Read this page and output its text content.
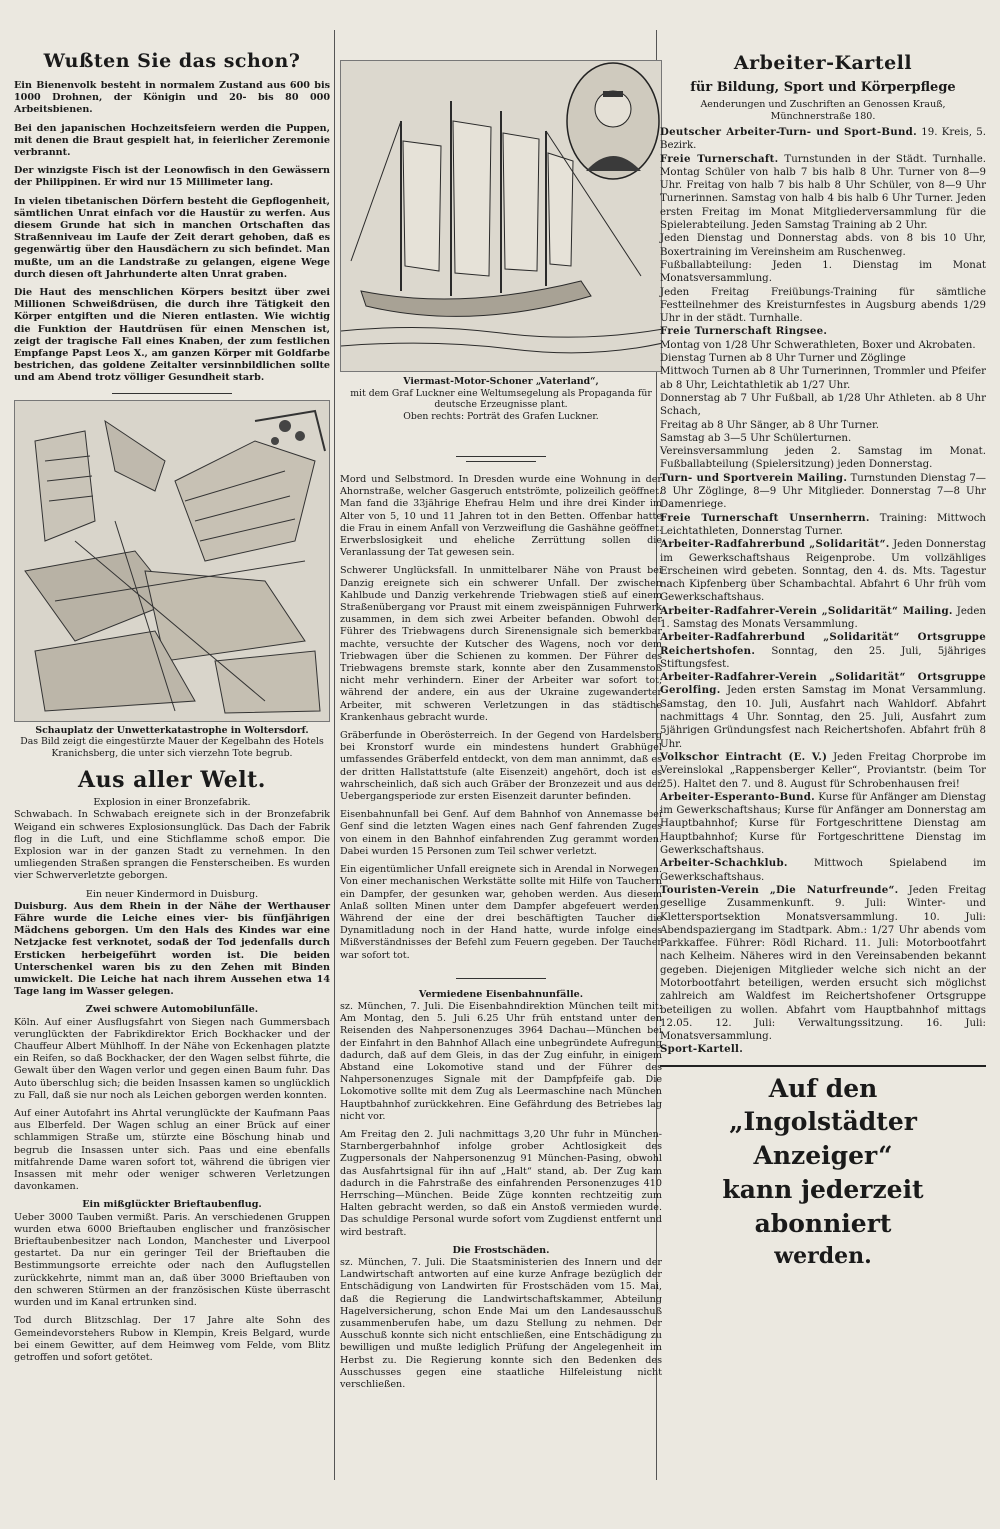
Wußten Sie das schon?

Ein Bienenvolk besteht in normalem Zustand aus 600 bis 1000 Drohnen, der Königin und 20- bis 80 000 Arbeitsbienen.

Bei den japanischen Hochzeitsfeiern werden die Puppen, mit denen die Braut gespielt hat, in feierlicher Zeremonie verbrannt.

Der winzigste Fisch ist der Leonowfisch in den Gewässern der Philippinen. Er wird nur 15 Millimeter lang.

In vielen tibetanischen Dörfern besteht die Gepflogenheit, sämtlichen Unrat einfach vor die Haustür zu werfen. Aus diesem Grunde hat sich in manchen Ortschaften das Straßenniveau im Laufe der Zeit derart gehoben, daß es gegenwärtig über den Hausdächern zu sich befindet. Man mußte, um an die Landstraße zu gelangen, eigene Wege durch diesen oft Jahrhunderte alten Unrat graben.

Die Haut des menschlichen Körpers besitzt über zwei Millionen Schweißdrüsen, die durch ihre Tätigkeit den Körper entgiften und die Nieren entlasten. Wie wichtig die Funktion der Hautdrüsen für einen Menschen ist, zeigt der tragische Fall eines Knaben, der zum festlichen Empfange Papst Leos X., am ganzen Körper mit Goldfarbe bestrichen, das goldene Zeitalter versinnbildlichen sollte und am Abend trotz völliger Gesundheit starb.

Schauplatz der Unwetterkatastrophe in Woltersdorf.

Das Bild zeigt die eingestürzte Mauer der Kegelbahn des Hotels Kranichsberg, die unter sich vierzehn Tote begrub.

Aus aller Welt.

Explosion in einer Bronzefabrik.

Schwabach. In Schwabach ereignete sich in der Bronzefabrik Weigand ein schweres Explosionsunglück. Das Dach der Fabrik flog in die Luft, und eine Stichflamme schoß empor. Die Explosion war in der ganzen Stadt zu vernehmen. In den umliegenden Straßen sprangen die Fensterscheiben. Es wurden vier Schwerverletzte geborgen.

Ein neuer Kindermord in Duisburg.

Duisburg. Aus dem Rhein in der Nähe der Werthauser Fähre wurde die Leiche eines vier- bis fünfjährigen Mädchens geborgen. Um den Hals des Kindes war eine Netzjacke fest verknotet, sodaß der Tod jedenfalls durch Ersticken herbeigeführt worden ist. Die beiden Unterschenkel waren bis zu den Zehen mit Binden umwickelt. Die Leiche hat nach ihrem Aussehen etwa 14 Tage lang im Wasser gelegen.

Zwei schwere Automobilunfälle.

Köln. Auf einer Ausflugsfahrt von Siegen nach Gummersbach verunglückten der Fabrikdirektor Erich Bockhacker und der Chauffeur Albert Mühlhoff. In der Nähe von Eckenhagen platzte ein Reifen, so daß Bockhacker, der den Wagen selbst führte, die Gewalt über den Wagen verlor und gegen einen Baum fuhr. Das Auto überschlug sich; die beiden Insassen kamen so unglücklich zu Fall, daß sie nur noch als Leichen geborgen werden konnten.

Auf einer Autofahrt ins Ahrtal verunglückte der Kaufmann Paas aus Elberfeld. Der Wagen schlug an einer Brück auf einer schlammigen Straße um, stürzte eine Böschung hinab und begrub die Insassen unter sich. Paas und eine ebenfalls mitfahrende Dame waren sofort tot, während die übrigen vier Insassen mit mehr oder weniger schweren Verletzungen davonkamen.

Ein mißglückter Brieftaubenflug.

Ueber 3000 Tauben vermißt. Paris. An verschiedenen Gruppen wurden etwa 6000 Brieftauben englischer und französischer Brieftaubenbesitzer nach London, Manchester und Liverpool gestartet. Da nur ein geringer Teil der Brieftauben die Bestimmungsorte erreichte oder nach den Auflugstellen zurückkehrte, nimmt man an, daß über 3000 Brieftauben von den schweren Stürmen an der französischen Küste überrascht wurden und im Kanal ertrunken sind.

Tod durch Blitzschlag. Der 17 Jahre alte Sohn des Gemeindevorstehers Rubow in Klempin, Kreis Belgard, wurde bei einem Gewitter, auf dem Heimweg vom Felde, vom Blitz getroffen und sofort getötet.

Viermast-Motor-Schoner „Vaterland“,

mit dem Graf Luckner eine Weltumsegelung als Propaganda für deutsche Erzeugnisse plant.

Oben rechts: Porträt des Grafen Luckner.

Mord und Selbstmord. In Dresden wurde eine Wohnung in der Ahornstraße, welcher Gasgeruch entströmte, polizeilich geöffnet. Man fand die 33jährige Ehefrau Helm und ihre drei Kinder im Alter von 5, 10 und 11 Jahren tot in den Betten. Offenbar hatte die Frau in einem Anfall von Verzweiflung die Gashähne geöffnet. Erwerbslosigkeit und eheliche Zerrüttung sollen die Veranlassung der Tat gewesen sein.

Schwerer Unglücksfall. In unmittelbarer Nähe von Praust bei Danzig ereignete sich ein schwerer Unfall. Der zwischen Kahlbude und Danzig verkehrende Triebwagen stieß auf einem Straßenübergang vor Praust mit einem zweispännigen Fuhrwerk zusammen, in dem sich zwei Arbeiter befanden. Obwohl der Führer des Triebwagens durch Sirenensignale sich bemerkbar machte, versuchte der Kutscher des Wagens, noch vor dem Triebwagen über die Schienen zu kommen. Der Führer des Triebwagens bremste stark, konnte aber den Zusammenstoß nicht mehr verhindern. Einer der Arbeiter war sofort tot, während der andere, ein aus der Ukraine zugewanderter Arbeiter, mit schweren Verletzungen in das städtische Krankenhaus gebracht wurde.

Gräberfunde in Oberösterreich. In der Gegend von Hardelsberg bei Kronstorf wurde ein mindestens hundert Grabhügel umfassendes Gräberfeld entdeckt, von dem man annimmt, daß es der dritten Hallstattstufe (alte Eisenzeit) angehört, doch ist es wahrscheinlich, daß sich auch Gräber der Bronzezeit und aus der Uebergangsperiode zur ersten Eisenzeit darunter befinden.

Eisenbahnunfall bei Genf. Auf dem Bahnhof von Annemasse bei Genf sind die letzten Wagen eines nach Genf fahrenden Zuges von einem in den Bahnhof einfahrenden Zug gerammt worden. Dabei wurden 15 Personen zum Teil schwer verletzt.

Ein eigentümlicher Unfall ereignete sich in Arendal in Norwegen. Von einer mechanischen Werkstätte sollte mit Hilfe von Tauchern ein Dampfer, der gesunken war, gehoben werden. Aus diesem Anlaß sollten Minen unter dem Dampfer abgefeuert werden. Während der eine der drei beschäftigten Taucher die Dynamitladung noch in der Hand hatte, wurde infolge eines Mißverständnisses der Befehl zum Feuern gegeben. Der Taucher war sofort tot.

Vermiedene Eisenbahnunfälle.

sz. München, 7. Juli. Die Eisenbahndirektion München teilt mit: Am Montag, den 5. Juli 6.25 Uhr früh entstand unter den Reisenden des Nahpersonenzuges 3964 Dachau—München bei der Einfahrt in den Bahnhof Allach eine unbegründete Aufregung dadurch, daß auf dem Gleis, in das der Zug einfuhr, in einigem Abstand eine Lokomotive stand und der Führer des Nahpersonenzuges Signale mit der Dampfpfeife gab. Die Lokomotive sollte mit dem Zug als Leermaschine nach München Hauptbahnhof zurückkehren. Eine Gefährdung des Betriebes lag nicht vor.

Am Freitag den 2. Juli nachmittags 3,20 Uhr fuhr in München-Starnbergerbahnhof infolge grober Achtlosigkeit des Zugpersonals der Nahpersonenzug 91 München-Pasing, obwohl das Ausfahrtsignal für ihn auf „Halt“ stand, ab. Der Zug kam dadurch in die Fahrstraße des einfahrenden Personenzuges 410 Herrsching—München. Beide Züge konnten rechtzeitig zum Halten gebracht werden, so daß ein Anstoß vermieden wurde. Das schuldige Personal wurde sofort vom Zugdienst entfernt und wird bestraft.

Die Frostschäden.

sz. München, 7. Juli. Die Staatsministerien des Innern und der Landwirtschaft antworten auf eine kurze Anfrage bezüglich der Entschädigung von Landwirten für Frostschäden vom 15. Mai, daß die Regierung die Landwirtschaftskammer, Abteilung Hagelversicherung, schon Ende Mai um den Landesausschuß zusammenberufen habe, um dazu Stellung zu nehmen. Der Ausschuß konnte sich nicht entschließen, eine Entschädigung zu bewilligen und mußte lediglich Prüfung der Angelegenheit im Herbst zu. Die Regierung konnte sich den Bedenken des Ausschusses gegen eine staatliche Hilfeleistung nicht verschließen.

Arbeiter-Kartell
für Bildung, Sport und Körperpflege
Aenderungen und Zuschriften an Genossen Krauß,
Münchnerstraße 180.

Deutscher Arbeiter-Turn- und Sport-Bund. 19. Kreis, 5. Bezirk.

Freie Turnerschaft. Turnstunden in der Städt. Turnhalle. Montag Schüler von halb 7 bis halb 8 Uhr. Turner von 8—9 Uhr. Freitag von halb 7 bis halb 8 Uhr Schüler, von 8—9 Uhr Turnerinnen. Samstag von halb 4 bis halb 6 Uhr Turner. Jeden ersten Freitag im Monat Mitgliederversammlung für die Spielerabteilung. Jeden Samstag Training ab 2 Uhr.

Jeden Dienstag und Donnerstag abds. von 8 bis 10 Uhr, Boxertraining im Vereinsheim am Ruschenweg.

Fußballabteilung: Jeden 1. Dienstag im Monat Monatsversammlung.

Jeden Freitag Freiübungs-Training für sämtliche Festteilnehmer des Kreisturnfestes in Augsburg abends 1/29 Uhr in der städt. Turnhalle.

Freie Turnerschaft Ringsee.

Montag von 1/28 Uhr Schwerathleten, Boxer und Akrobaten.

Dienstag Turnen ab 8 Uhr Turner und Zöglinge

Mittwoch Turnen ab 8 Uhr Turnerinnen, Trommler und Pfeifer ab 8 Uhr, Leichtathletik ab 1/27 Uhr.

Donnerstag ab 7 Uhr Fußball, ab 1/28 Uhr Athleten. ab 8 Uhr Schach,

Freitag ab 8 Uhr Sänger, ab 8 Uhr Turner.

Samstag ab 3—5 Uhr Schülerturnen.

Vereinsversammlung jeden 2. Samstag im Monat. Fußballabteilung (Spielersitzung) jeden Donnerstag.

Turn- und Sportverein Mailing. Turnstunden Dienstag 7—8 Uhr Zöglinge, 8—9 Uhr Mitglieder. Donnerstag 7—8 Uhr Damenriege.

Freie Turnerschaft Unsernherrn. Training: Mittwoch Leichtathleten, Donnerstag Turner.

Arbeiter-Radfahrerbund „Solidarität“. Jeden Donnerstag im Gewerkschaftshaus Reigenprobe. Um vollzähliges Erscheinen wird gebeten. Sonntag, den 4. ds. Mts. Tagestur nach Kipfenberg über Schambachtal. Abfahrt 6 Uhr früh vom Gewerkschaftshaus.

Arbeiter-Radfahrer-Verein „Solidarität“ Mailing. Jeden 1. Samstag des Monats Versammlung.

Arbeiter-Radfahrerbund „Solidarität“ Ortsgruppe Reichertshofen. Sonntag, den 25. Juli, 5jähriges Stiftungsfest.

Arbeiter-Radfahrer-Verein „Solidarität“ Ortsgruppe Gerolfing. Jeden ersten Samstag im Monat Versammlung. Samstag, den 10. Juli, Ausfahrt nach Wahldorf. Abfahrt nachmittags 4 Uhr. Sonntag, den 25. Juli, Ausfahrt zum 5jährigen Gründungsfest nach Reichertshofen. Abfahrt früh 8 Uhr.

Volkschor Eintracht (E. V.) Jeden Freitag Chorprobe im Vereinslokal „Rappensberger Keller“, Proviantstr. (beim Tor 25). Haltet den 7. und 8. August für Schrobenhausen frei!

Arbeiter-Esperanto-Bund. Kurse für Anfänger am Dienstag im Gewerkschaftshaus; Kurse für Anfänger am Donnerstag am Hauptbahnhof; Kurse für Fortgeschrittene Dienstag am Hauptbahnhof; Kurse für Fortgeschrittene Dienstag im Gewerkschaftshaus.

Arbeiter-Schachklub.	Mittwoch Spielabend im Gewerkschaftshaus.

Touristen-Verein „Die Naturfreunde“. Jeden Freitag gesellige Zusammenkunft. 9. Juli: Winter- und Klettersportsektion Monatsversammlung. 10. Juli: Abendspaziergang im Stadtpark. Abm.: 1/27 Uhr abends vom Parkkaffee. Führer: Rödl Richard. 11. Juli: Motorbootfahrt nach Kelheim. Näheres wird in den Vereinsabenden bekannt gegeben. Diejenigen Mitglieder welche sich nicht an der Motorbootfahrt beteiligen, werden ersucht sich möglichst zahlreich am Waldfest im Reichertshofener Ortsgruppe beteiligen zu wollen. Abfahrt vom Hauptbahnhof mittags 12.05. 12. Juli: Verwaltungssitzung. 16. Juli: Monatsversammlung.

Sport-Kartell.

Auf den
„Ingolstädter Anzeiger“
kann jederzeit abonniert
werden.
